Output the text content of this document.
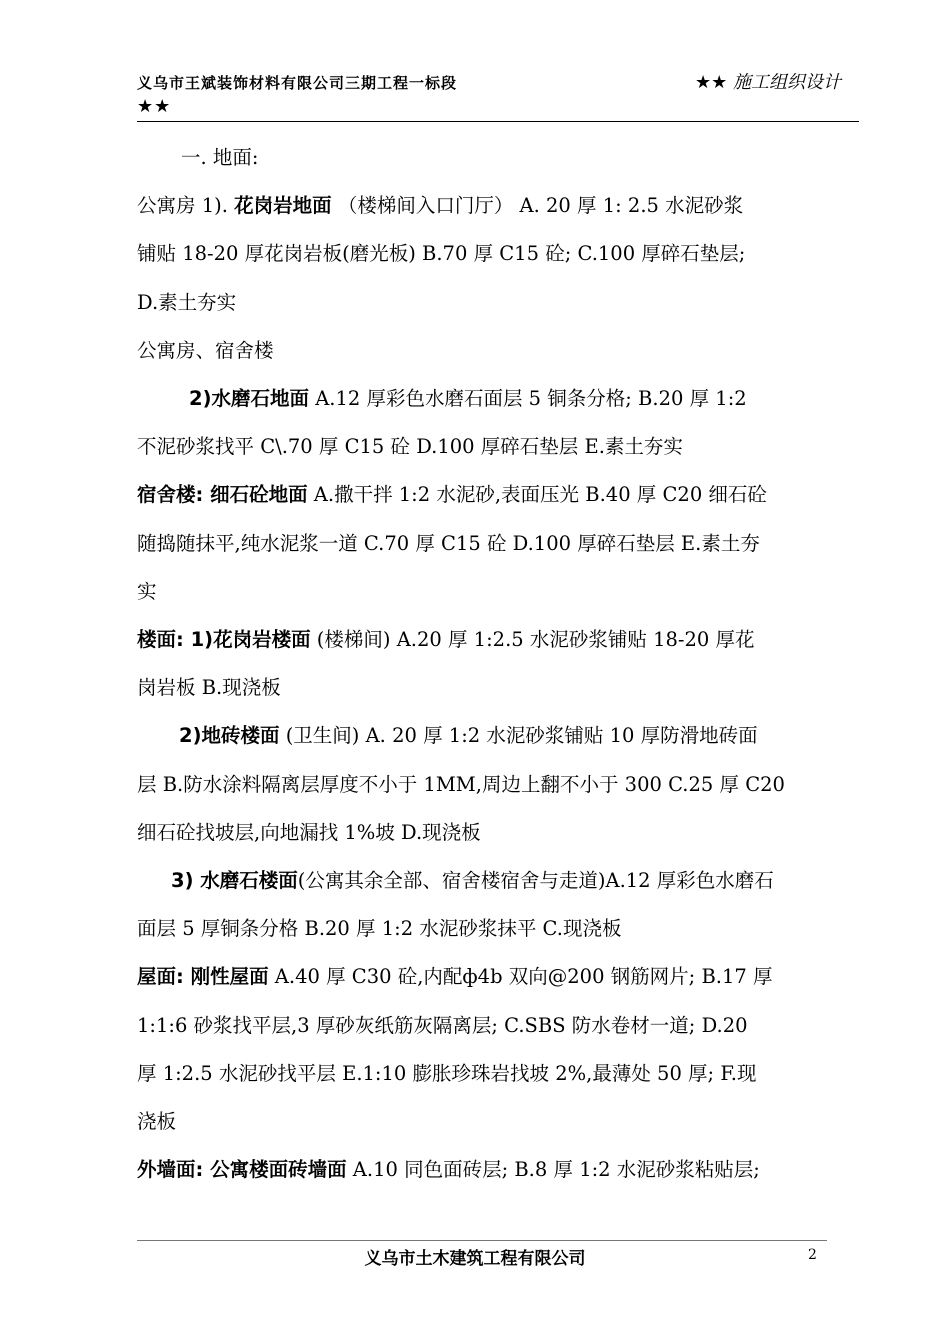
义乌市王斌装饰材料有限公司三期工程一标段
★★
★★ 施工组织设计

一. 地面:

公寓房 1). 花岗岩地面 （楼梯间入口门厅） A. 20 厚 1: 2.5 水泥砂浆

铺贴 18-20 厚花岗岩板(磨光板) B.70 厚 C15 砼; C.100 厚碎石垫层;

D.素土夯实

公寓房、宿舍楼

2)水磨石地面 A.12 厚彩色水磨石面层 5 铜条分格; B.20 厚 1:2

不泥砂浆找平 C\.70 厚 C15 砼 D.100 厚碎石垫层 E.素土夯实

宿舍楼: 细石砼地面 A.撒干拌 1:2 水泥砂,表面压光 B.40 厚 C20 细石砼

随捣随抹平,纯水泥浆一道 C.70 厚 C15 砼 D.100 厚碎石垫层 E.素土夯

实

楼面: 1)花岗岩楼面 (楼梯间) A.20 厚 1:2.5 水泥砂浆铺贴 18-20 厚花

岗岩板 B.现浇板

2)地砖楼面 (卫生间) A. 20 厚 1:2 水泥砂浆铺贴 10 厚防滑地砖面

层 B.防水涂料隔离层厚度不小于 1MM,周边上翻不小于 300 C.25 厚 C20

细石砼找坡层,向地漏找 1%坡 D.现浇板

3) 水磨石楼面(公寓其余全部、宿舍楼宿舍与走道)A.12 厚彩色水磨石

面层 5 厚铜条分格 B.20 厚 1:2 水泥砂浆抹平 C.现浇板

屋面: 刚性屋面 A.40 厚 C30 砼,内配ф4b 双向@200 钢筋网片; B.17 厚

1:1:6 砂浆找平层,3 厚砂灰纸筋灰隔离层; C.SBS 防水卷材一道; D.20

厚 1:2.5 水泥砂找平层 E.1:10 膨胀珍珠岩找坡 2%,最薄处 50 厚; F.现

浇板

外墙面: 公寓楼面砖墙面 A.10 同色面砖层; B.8 厚 1:2 水泥砂浆粘贴层;

义乌市土木建筑工程有限公司	2
